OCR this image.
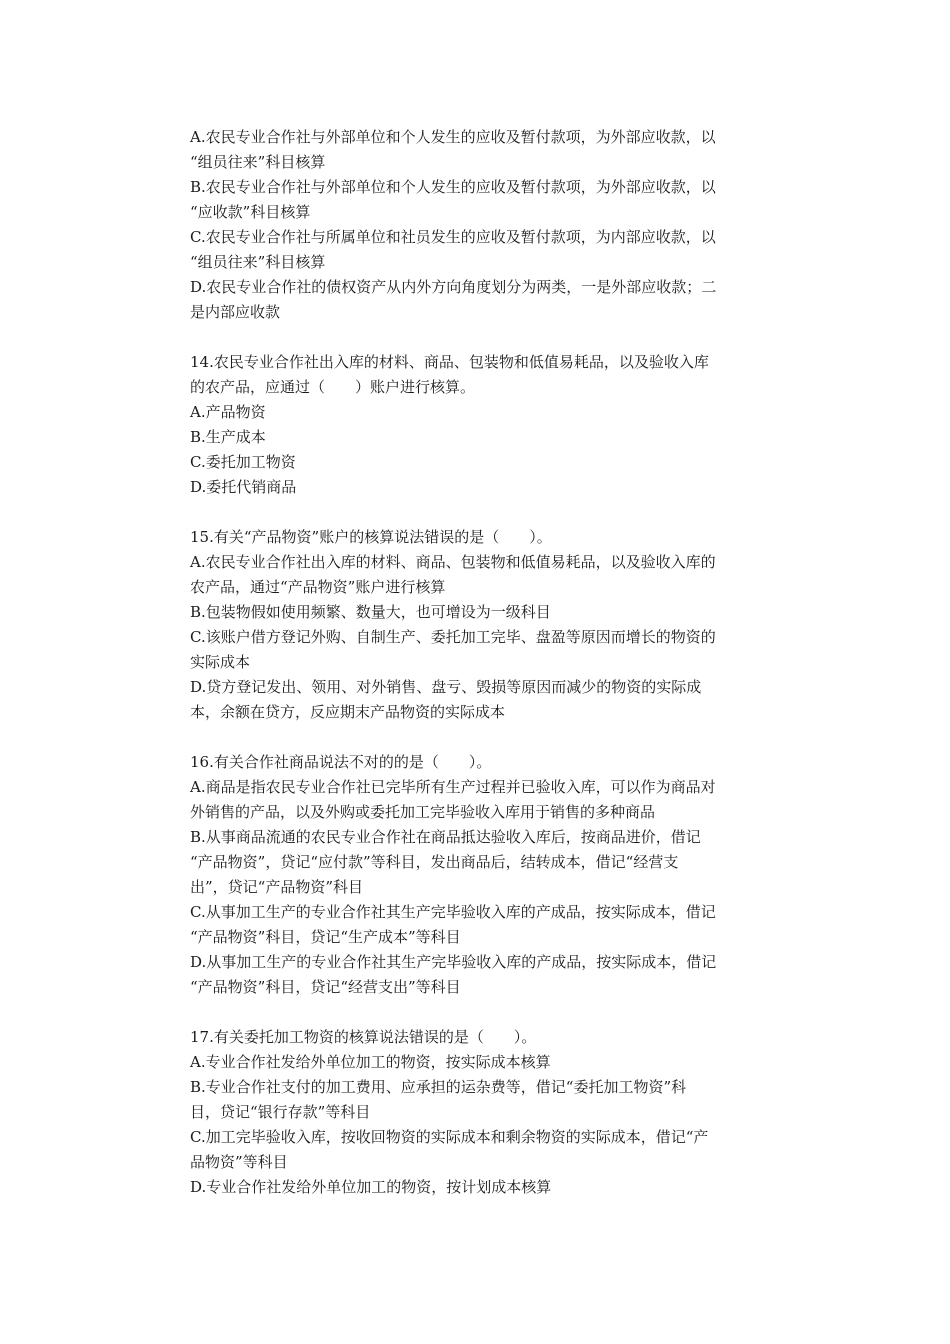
A.农民专业合作社与外部单位和个人发生的应收及暂付款项，为外部应收款，以
“组员往来”科目核算
B.农民专业合作社与外部单位和个人发生的应收及暂付款项，为外部应收款，以
“应收款”科目核算
C.农民专业合作社与所属单位和社员发生的应收及暂付款项，为内部应收款，以
“组员往来”科目核算
D.农民专业合作社的债权资产从内外方向角度划分为两类，一是外部应收款；二
是内部应收款
14.农民专业合作社出入库的材料、商品、包装物和低值易耗品，以及验收入库
的农产品，应通过（　　）账户进行核算。
A.产品物资
B.生产成本
C.委托加工物资
D.委托代销商品
15.有关“产品物资”账户的核算说法错误的是（　　）。
A.农民专业合作社出入库的材料、商品、包装物和低值易耗品，以及验收入库的
农产品，通过“产品物资”账户进行核算
B.包装物假如使用频繁、数量大，也可增设为一级科目
C.该账户借方登记外购、自制生产、委托加工完毕、盘盈等原因而增长的物资的
实际成本
D.贷方登记发出、领用、对外销售、盘亏、毁损等原因而减少的物资的实际成
本，余额在贷方，反应期末产品物资的实际成本
16.有关合作社商品说法不对的的是（　　）。
A.商品是指农民专业合作社已完毕所有生产过程并已验收入库，可以作为商品对
外销售的产品，以及外购或委托加工完毕验收入库用于销售的多种商品
B.从事商品流通的农民专业合作社在商品抵达验收入库后，按商品进价，借记
“产品物资”，贷记“应付款”等科目，发出商品后，结转成本，借记“经营支
出”，贷记“产品物资”科目
C.从事加工生产的专业合作社其生产完毕验收入库的产成品，按实际成本，借记
“产品物资”科目，贷记“生产成本”等科目
D.从事加工生产的专业合作社其生产完毕验收入库的产成品，按实际成本，借记
“产品物资”科目，贷记“经营支出”等科目
17.有关委托加工物资的核算说法错误的是（　　）。
A.专业合作社发给外单位加工的物资，按实际成本核算
B.专业合作社支付的加工费用、应承担的运杂费等，借记“委托加工物资”科
目，贷记“银行存款”等科目
C.加工完毕验收入库，按收回物资的实际成本和剩余物资的实际成本，借记“产
品物资”等科目
D.专业合作社发给外单位加工的物资，按计划成本核算
